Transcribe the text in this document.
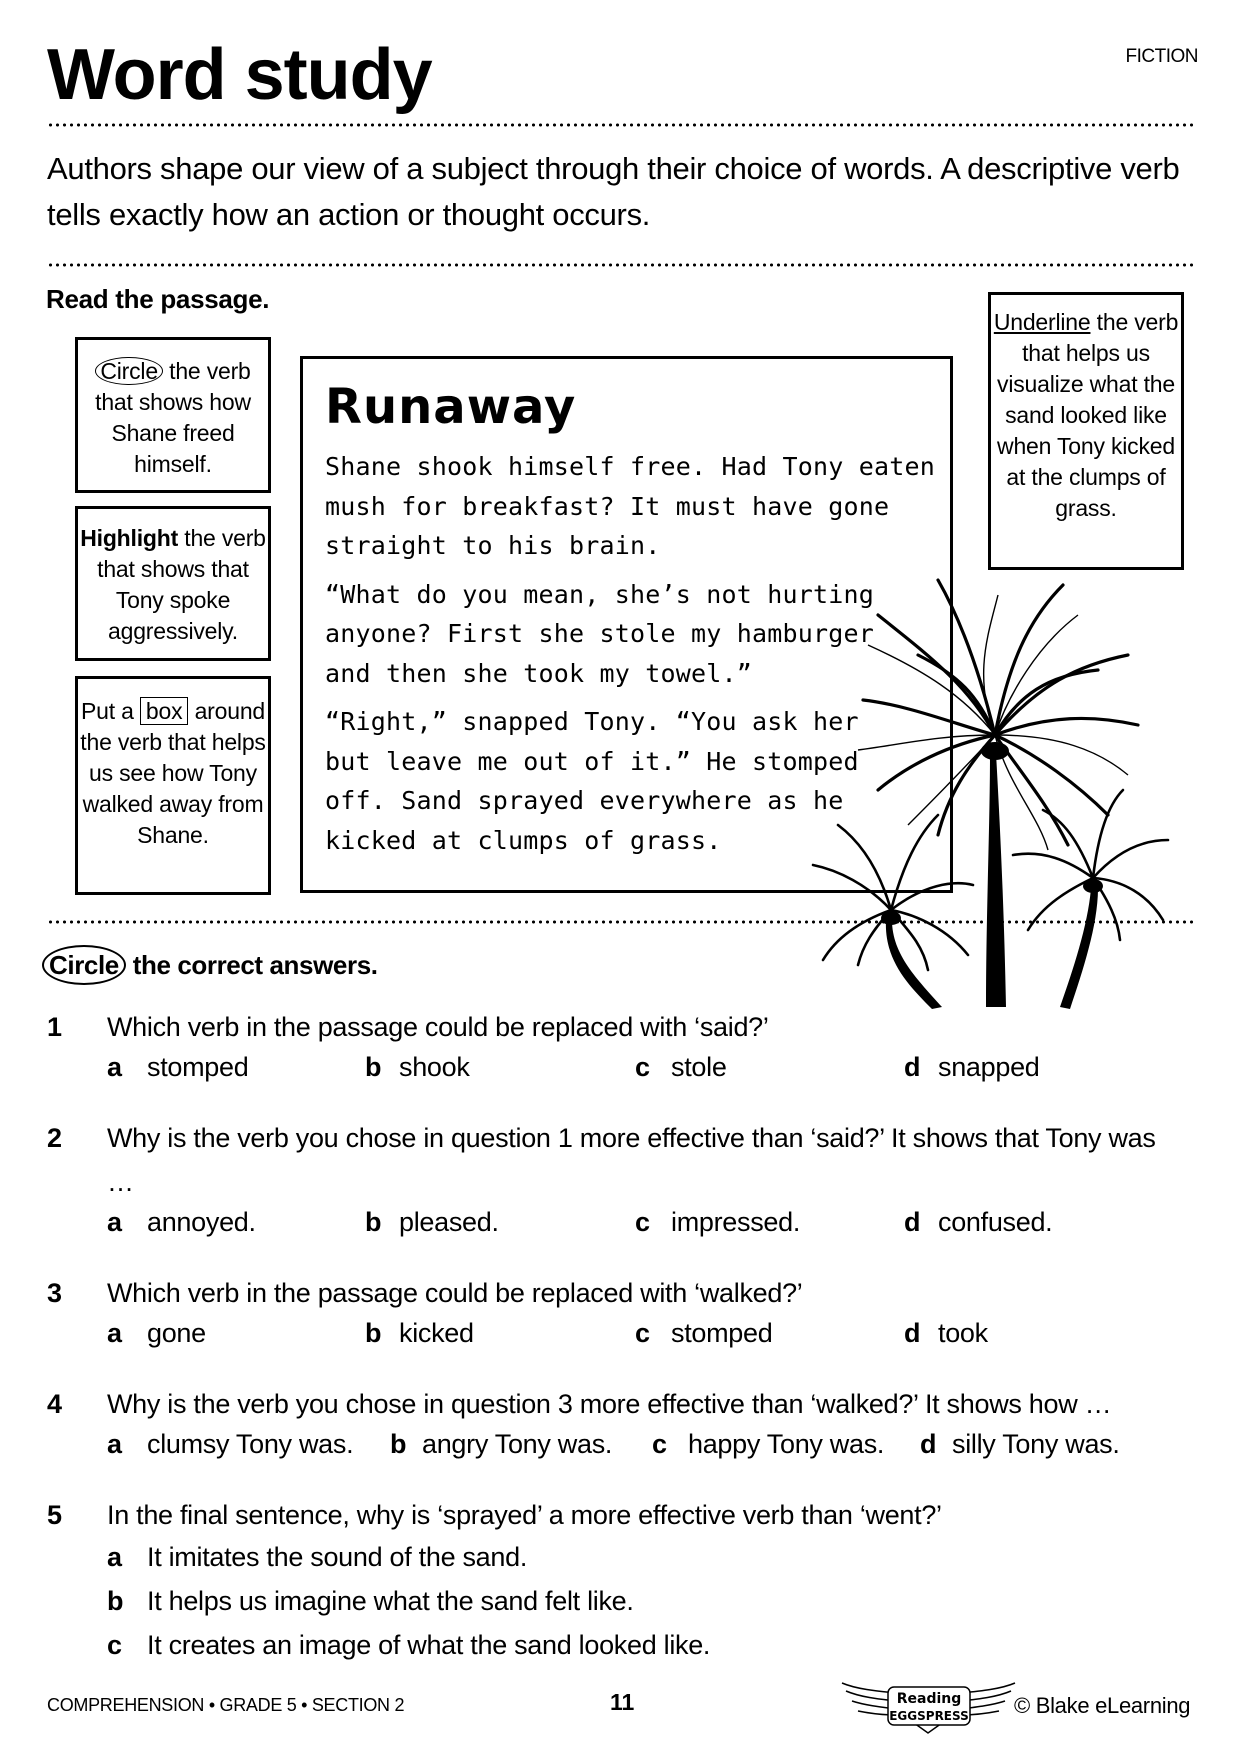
Word study	FICTION
Authors shape our view of a subject through their choice of words. A descriptive verb tells exactly how an action or thought occurs.
Read the passage.
Circle the verb that shows how Shane freed himself.
Highlight the verb that shows that Tony spoke aggressively.
Put a box around the verb that helps us see how Tony walked away from Shane.
Underline the verb that helps us visualize what the sand looked like when Tony kicked at the clumps of grass.
Runaway

Shane shook himself free. Had Tony eaten mush for breakfast? It must have gone straight to his brain.

“What do you mean, she’s not hurting anyone? First she stole my hamburger and then she took my towel.”

“Right,” snapped Tony. “You ask her but leave me out of it.” He stomped off. Sand sprayed everywhere as he kicked at clumps of grass.

Circle the correct answers.
1 Which verb in the passage could be replaced with ‘said?’
a stomped	b shook	c stole	d snapped
2 Why is the verb you chose in question 1 more effective than ‘said?’ It shows that Tony was …
a annoyed.	b pleased.	c impressed.	d confused.
3 Which verb in the passage could be replaced with ‘walked?’
a gone	b kicked	c stomped	d took
4 Why is the verb you chose in question 3 more effective than ‘walked?’ It shows how …
a clumsy Tony was. b angry Tony was. c happy Tony was. d silly Tony was.
5 In the final sentence, why is ‘sprayed’ a more effective verb than ‘went?’
a It imitates the sound of the sand.
b It helps us imagine what the sand felt like.
c It creates an image of what the sand looked like.
COMPREHENSION • GRADE 5 • SECTION 2	11	Reading
EGGSPRESS © Blake eLearning
